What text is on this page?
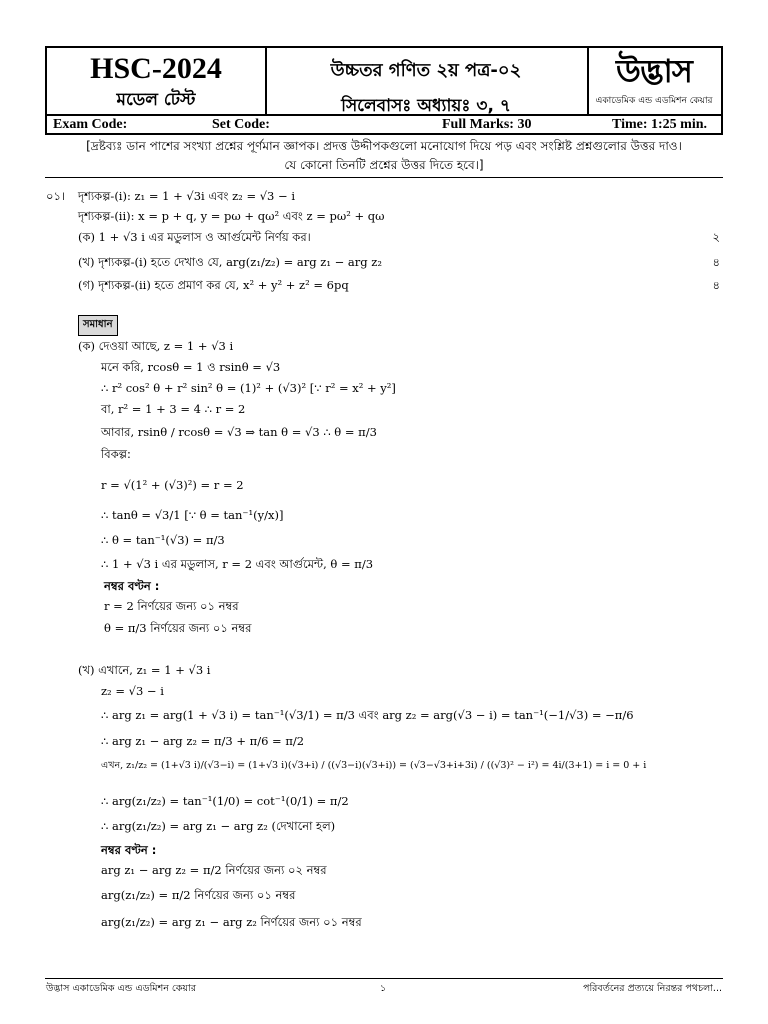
HSC-2024
মডেল টেস্ট
উচ্চতর গণিত ২য় পত্র-০২
সিলেবাসঃ অধ্যায়ঃ ৩, ৭
উদ্ভাস
একাডেমিক এন্ড এডমিশন কেয়ার
Exam Code:	Set Code:	Full Marks: 30	Time: 1:25 min.
[দ্রষ্টব্যঃ ডান পাশের সংখ্যা প্রশ্নের পূর্ণমান জ্ঞাপক। প্রদত্ত উদ্দীপকগুলো মনোযোগ দিয়ে পড় এবং সংশ্লিষ্ট প্রশ্নগুলোর উত্তর দাও।
যে কোনো তিনটি প্রশ্নের উত্তর দিতে হবে।]
০১। দৃশ্যকল্প-(i): z₁ = 1 + √3i এবং z₂ = √3 − i
দৃশ্যকল্প-(ii): x = p + q, y = pω + qω² এবং z = pω² + qω
(ক) 1 + √3 i এর মডুলাস ও আর্গুমেন্ট নির্ণয় কর।	২
(খ) দৃশ্যকল্প-(i) হতে দেখাও যে, arg(z₁/z₂) = arg z₁ − arg z₂	৪
(গ) দৃশ্যকল্প-(ii) হতে প্রমাণ কর যে, x² + y² + z² = 6pq	৪
সমাধান
(ক) দেওয়া আছে, z = 1 + √3 i
মনে করি, rcosθ = 1 ও rsinθ = √3
∴ r² cos² θ + r² sin² θ = (1)² + (√3)² [∵ r² = x² + y²]
বা, r² = 1 + 3 = 4 ∴ r = 2
আবার, rsinθ / rcosθ = √3 ⇒ tan θ = √3 ∴ θ = π/3
বিকল্প:
r = √(1² + (√3)²) = r = 2
∴ tanθ = √3/1 [∵ θ = tan⁻¹(y/x)]
∴ θ = tan⁻¹(√3) = π/3
∴ 1 + √3 i এর মডুলাস, r = 2 এবং আর্গুমেন্ট, θ = π/3
নম্বর বণ্টন :
r = 2 নির্ণয়ের জন্য ০১ নম্বর
θ = π/3 নির্ণয়ের জন্য ০১ নম্বর
(খ) এখানে, z₁ = 1 + √3 i
z₂ = √3 − i
∴ arg z₁ = arg(1 + √3 i) = tan⁻¹(√3/1) = π/3 এবং arg z₂ = arg(√3 − i) = tan⁻¹(−1/√3) = −π/6
∴ arg z₁ − arg z₂ = π/3 + π/6 = π/2
এখন, z₁/z₂ = (1+√3 i)/(√3−i) = (1+√3 i)(√3+i) / ((√3−i)(√3+i)) = (√3−√3+i+3i) / ((√3)² − i²) = 4i/(3+1) = i = 0 + i
∴ arg(z₁/z₂) = tan⁻¹(1/0) = cot⁻¹(0/1) = π/2
∴ arg(z₁/z₂) = arg z₁ − arg z₂ (দেখানো হল)
নম্বর বণ্টন :
arg z₁ − arg z₂ = π/2 নির্ণয়ের জন্য ০২ নম্বর
arg(z₁/z₂) = π/2 নির্ণয়ের জন্য ০১ নম্বর
arg(z₁/z₂) = arg z₁ − arg z₂ নির্ণয়ের জন্য ০১ নম্বর
উদ্ভাস একাডেমিক এন্ড এডমিশন কেয়ার	১	পরিবর্তনের প্রত্যয়ে নিরন্তর পথচলা...
